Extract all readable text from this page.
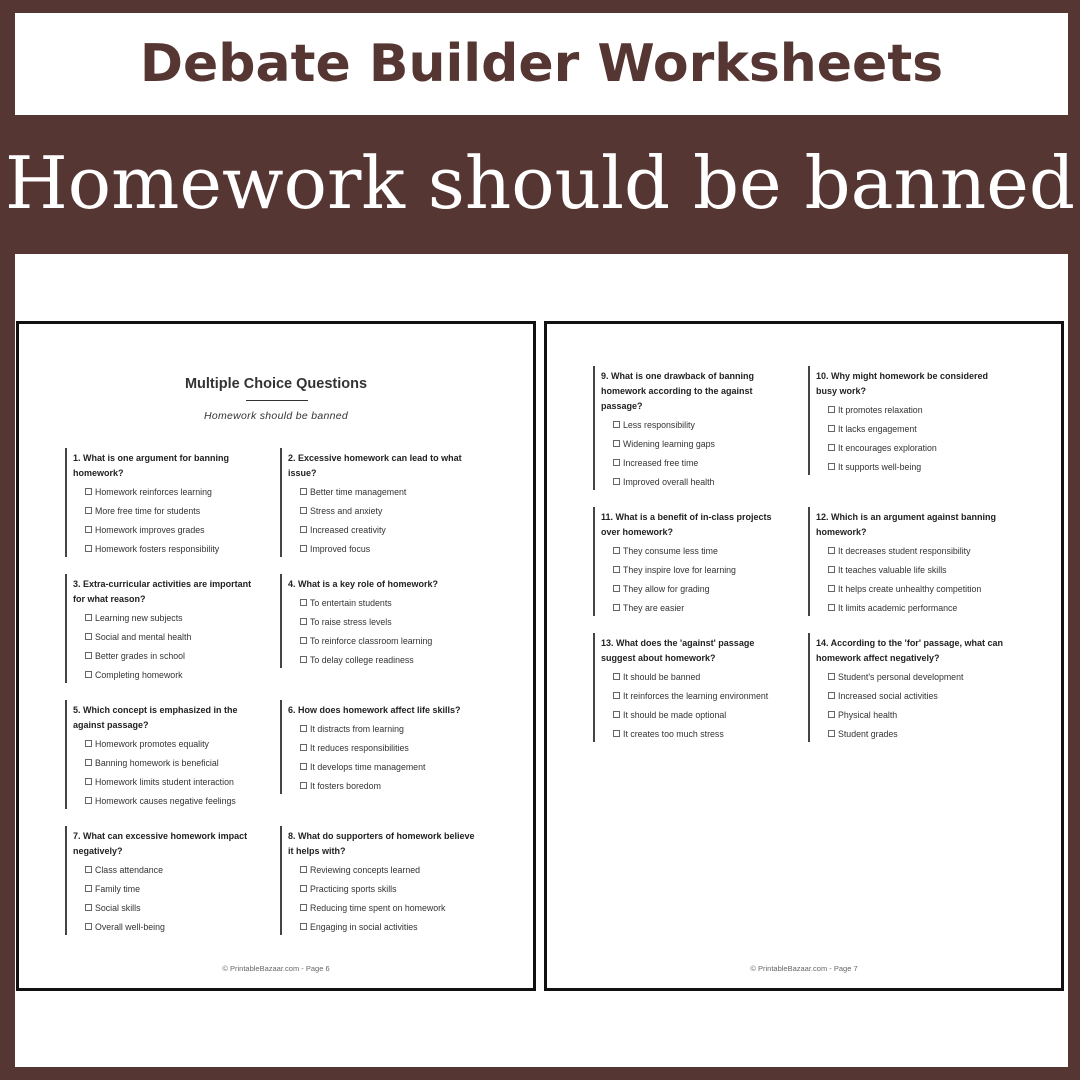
Debate Builder Worksheets
Homework should be banned
Multiple Choice Questions
Homework should be banned
1. What is one argument for banning homework?
Homework reinforces learning
More free time for students
Homework improves grades
Homework fosters responsibility
2. Excessive homework can lead to what issue?
Better time management
Stress and anxiety
Increased creativity
Improved focus
3. Extra-curricular activities are important for what reason?
Learning new subjects
Social and mental health
Better grades in school
Completing homework
4. What is a key role of homework?
To entertain students
To raise stress levels
To reinforce classroom learning
To delay college readiness
5. Which concept is emphasized in the against passage?
Homework promotes equality
Banning homework is beneficial
Homework limits student interaction
Homework causes negative feelings
6. How does homework affect life skills?
It distracts from learning
It reduces responsibilities
It develops time management
It fosters boredom
7. What can excessive homework impact negatively?
Class attendance
Family time
Social skills
Overall well-being
8. What do supporters of homework believe it helps with?
Reviewing concepts learned
Practicing sports skills
Reducing time spent on homework
Engaging in social activities
© PrintableBazaar.com - Page 6
9. What is one drawback of banning homework according to the against passage?
Less responsibility
Widening learning gaps
Increased free time
Improved overall health
10. Why might homework be considered busy work?
It promotes relaxation
It lacks engagement
It encourages exploration
It supports well-being
11. What is a benefit of in-class projects over homework?
They consume less time
They inspire love for learning
They allow for grading
They are easier
12. Which is an argument against banning homework?
It decreases student responsibility
It teaches valuable life skills
It helps create unhealthy competition
It limits academic performance
13. What does the 'against' passage suggest about homework?
It should be banned
It reinforces the learning environment
It should be made optional
It creates too much stress
14. According to the 'for' passage, what can homework affect negatively?
Student's personal development
Increased social activities
Physical health
Student grades
© PrintableBazaar.com - Page 7
